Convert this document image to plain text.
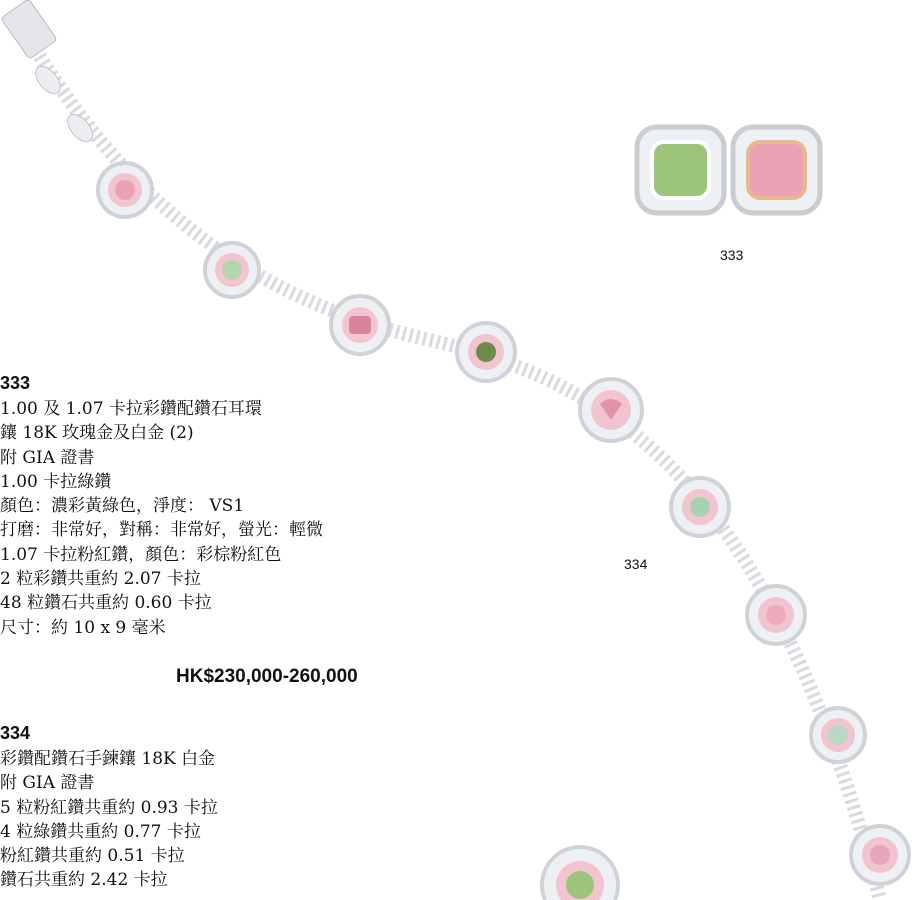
333
334
333
1.00 及 1.07 卡拉彩鑽配鑽石耳環
鑲 18K 玫瑰金及白金 (2)
附 GIA 證書
1.00 卡拉綠鑽
顏色：濃彩黃綠色，淨度： VS1
打磨：非常好，對稱：非常好，螢光：輕微
1.07 卡拉粉紅鑽，顏色：彩棕粉紅色
2 粒彩鑽共重約 2.07 卡拉
48 粒鑽石共重約 0.60 卡拉
尺寸：約 10 x 9 毫米
HK$230,000-260,000
334
彩鑽配鑽石手鍊鑲 18K 白金
附 GIA 證書
5 粒粉紅鑽共重約 0.93 卡拉
4 粒綠鑽共重約 0.77 卡拉
粉紅鑽共重約 0.51 卡拉
鑽石共重約 2.42 卡拉
